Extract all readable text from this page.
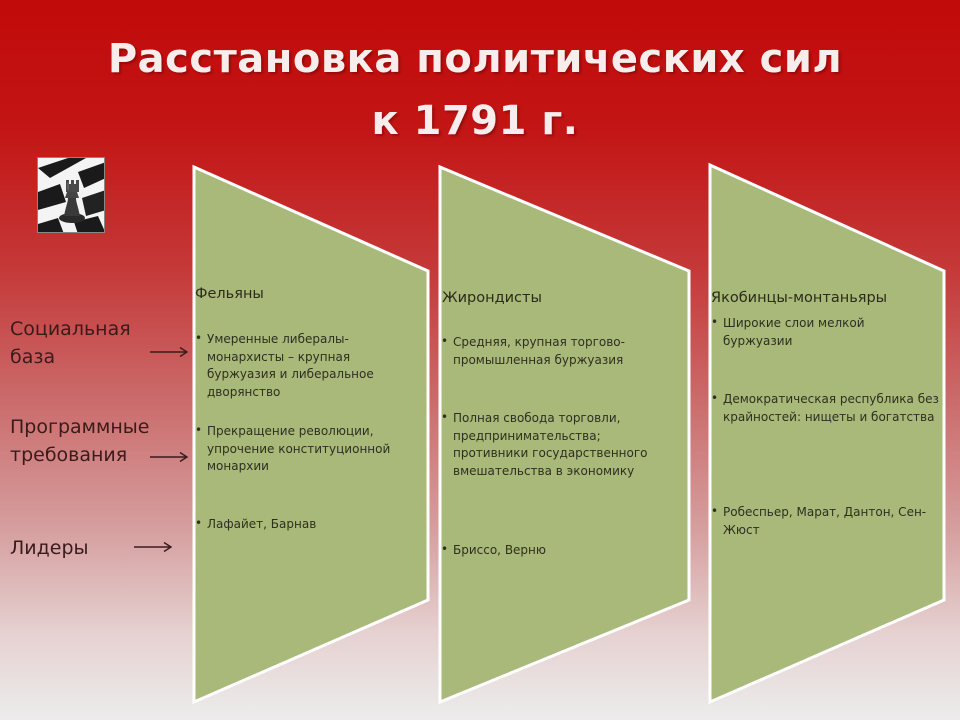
Расстановка политических сил
к 1791 г.

Социальная
база

Программные
требования

Лидеры

Фельяны

• Умеренные либералы-монархисты – крупная буржуазия и либеральное дворянство
• Прекращение революции, упрочение конституционной монархии
• Лафайет, Барнав

Жирондисты

• Средняя, крупная торгово-промышленная буржуазия
• Полная свобода торговли, предпринимательства; противники государственного вмешательства в экономику
• Бриссо, Верню

Якобинцы-монтаньяры

• Широкие слои мелкой буржуазии
• Демократическая республика без крайностей: нищеты и богатства
• Робеспьер, Марат, Дантон, Сен-Жюст
